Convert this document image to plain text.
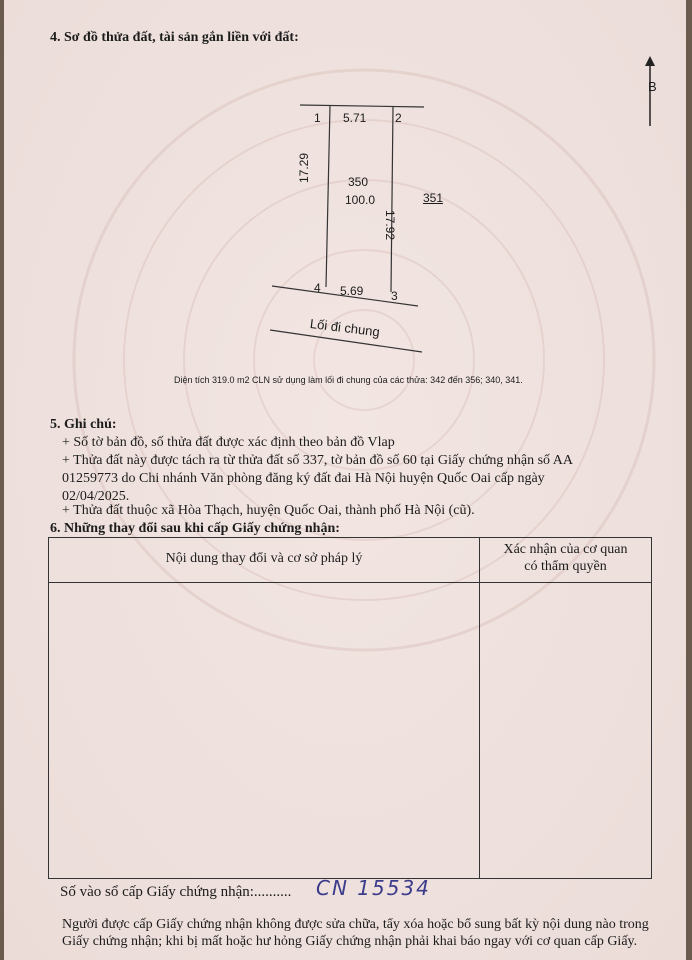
4. Sơ đồ thửa đất, tài sản gắn liền với đất:
B
1 5.71 2
17.29
17.92
350
100.0	351
4 5.69 3
Lối đi chung
Diện tích 319.0 m2 CLN sử dụng làm lối đi chung của các thửa: 342 đến 356; 340, 341.
5. Ghi chú:
+ Số tờ bản đồ, số thửa đất được xác định theo bản đồ Vlap
+ Thửa đất này được tách ra từ thửa đất số 337, tờ bản đồ số 60 tại Giấy chứng nhận số AA
01259773 do Chi nhánh Văn phòng đăng ký đất đai Hà Nội huyện Quốc Oai cấp ngày
02/04/2025.
+ Thửa đất thuộc xã Hòa Thạch, huyện Quốc Oai, thành phố Hà Nội (cũ).
6. Những thay đổi sau khi cấp Giấy chứng nhận:
Nội dung thay đổi và cơ sở pháp lý
Xác nhận của cơ quan
có thẩm quyền
Số vào sổ cấp Giấy chứng nhận:.......... CN 15534
Người được cấp Giấy chứng nhận không được sửa chữa, tẩy xóa hoặc bổ sung bất kỳ nội dung nào trong
Giấy chứng nhận; khi bị mất hoặc hư hỏng Giấy chứng nhận phải khai báo ngay với cơ quan cấp Giấy.
